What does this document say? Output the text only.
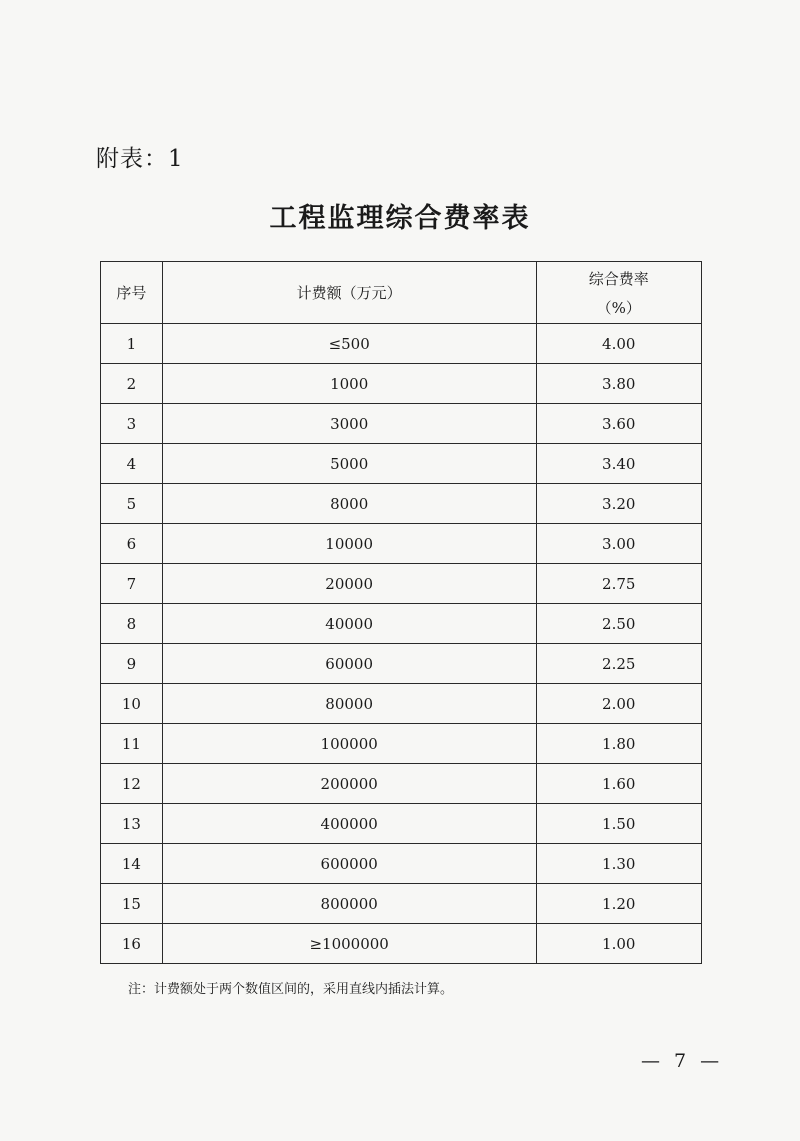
附表：1
工程监理综合费率表
序号	计费额（万元）	综合费率
（%）

1	≤500	4.00
2	1000	3.80
3	3000	3.60
4	5000	3.40
5	8000	3.20
6	10000	3.00
7	20000	2.75
8	40000	2.50
9	60000	2.25
10	80000	2.00
11	100000	1.80
12	200000	1.60
13	400000	1.50
14	600000	1.30
15	800000	1.20
16	≥1000000	1.00
注：计费额处于两个数值区间的，采用直线内插法计算。
— 7 —
